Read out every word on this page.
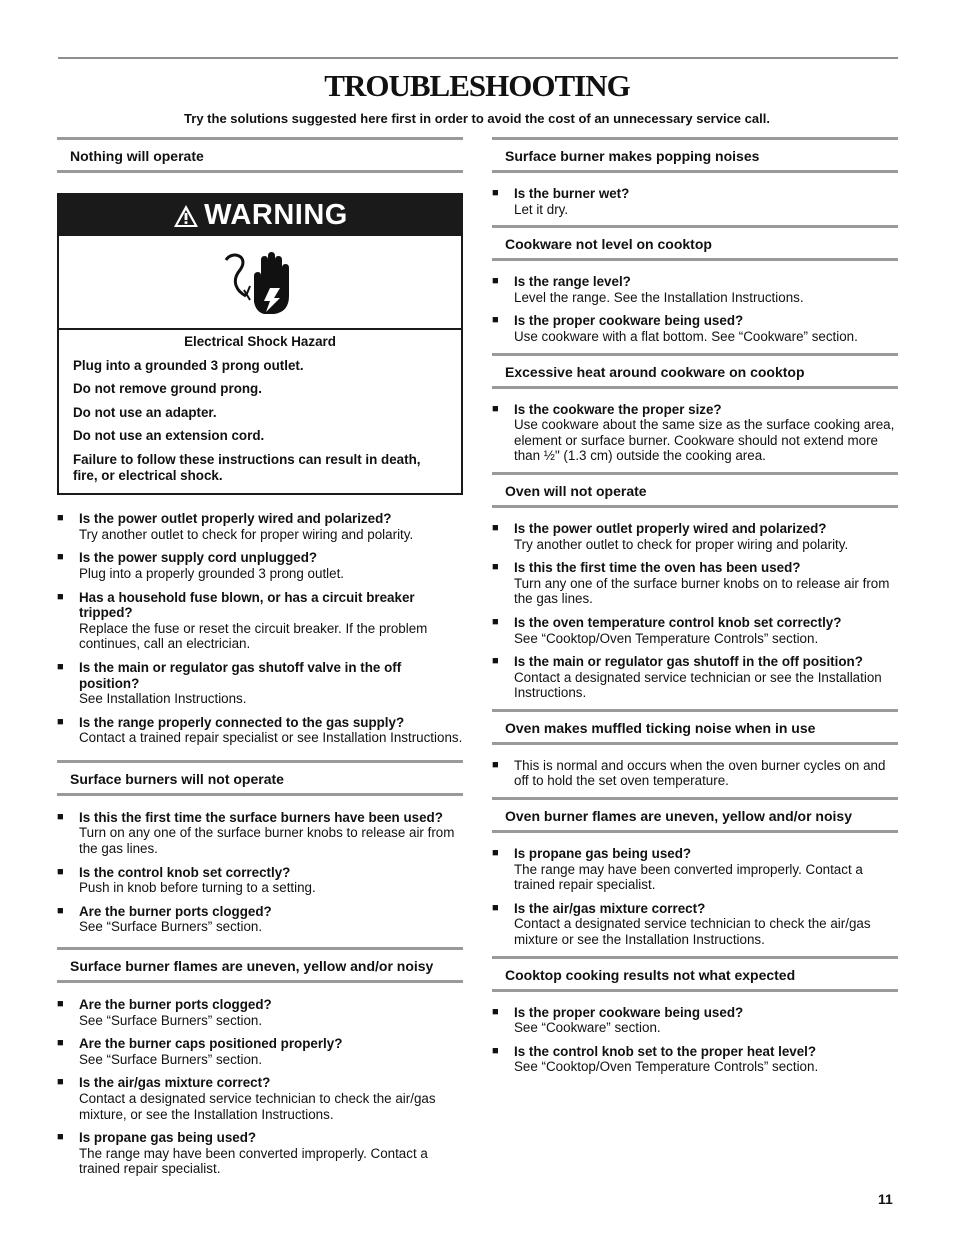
TROUBLESHOOTING
Try the solutions suggested here first in order to avoid the cost of an unnecessary service call.
Nothing will operate
WARNING
Electrical Shock Hazard

Plug into a grounded 3 prong outlet.

Do not remove ground prong.

Do not use an adapter.

Do not use an extension cord.

Failure to follow these instructions can result in death, fire, or electrical shock.

■ Is the power outlet properly wired and polarized?
Try another outlet to check for proper wiring and polarity.
■ Is the power supply cord unplugged?
Plug into a properly grounded 3 prong outlet.
■ Has a household fuse blown, or has a circuit breaker tripped?
Replace the fuse or reset the circuit breaker. If the problem continues, call an electrician.
■ Is the main or regulator gas shutoff valve in the off position?
See Installation Instructions.
■ Is the range properly connected to the gas supply?
Contact a trained repair specialist or see Installation Instructions.
Surface burners will not operate
■ Is this the first time the surface burners have been used?
Turn on any one of the surface burner knobs to release air from the gas lines.
■ Is the control knob set correctly?
Push in knob before turning to a setting.
■ Are the burner ports clogged?
See “Surface Burners” section.
Surface burner flames are uneven, yellow and/or noisy
■ Are the burner ports clogged?
See “Surface Burners” section.
■ Are the burner caps positioned properly?
See “Surface Burners” section.
■ Is the air/gas mixture correct?
Contact a designated service technician to check the air/gas mixture, or see the Installation Instructions.
■ Is propane gas being used?
The range may have been converted improperly. Contact a trained repair specialist.
Surface burner makes popping noises
■ Is the burner wet?
Let it dry.
Cookware not level on cooktop
■ Is the range level?
Level the range. See the Installation Instructions.
■ Is the proper cookware being used?
Use cookware with a flat bottom. See “Cookware” section.
Excessive heat around cookware on cooktop
■ Is the cookware the proper size?
Use cookware about the same size as the surface cooking area, element or surface burner. Cookware should not extend more than ½" (1.3 cm) outside the cooking area.
Oven will not operate
■ Is the power outlet properly wired and polarized?
Try another outlet to check for proper wiring and polarity.
■ Is this the first time the oven has been used?
Turn any one of the surface burner knobs on to release air from the gas lines.
■ Is the oven temperature control knob set correctly?
See “Cooktop/Oven Temperature Controls” section.
■ Is the main or regulator gas shutoff in the off position?
Contact a designated service technician or see the Installation Instructions.
Oven makes muffled ticking noise when in use
■ This is normal and occurs when the oven burner cycles on and off to hold the set oven temperature.
Oven burner flames are uneven, yellow and/or noisy
■ Is propane gas being used?
The range may have been converted improperly. Contact a trained repair specialist.
■ Is the air/gas mixture correct?
Contact a designated service technician to check the air/gas mixture or see the Installation Instructions.
Cooktop cooking results not what expected
■ Is the proper cookware being used?
See “Cookware” section.
■ Is the control knob set to the proper heat level?
See “Cooktop/Oven Temperature Controls” section.
11
